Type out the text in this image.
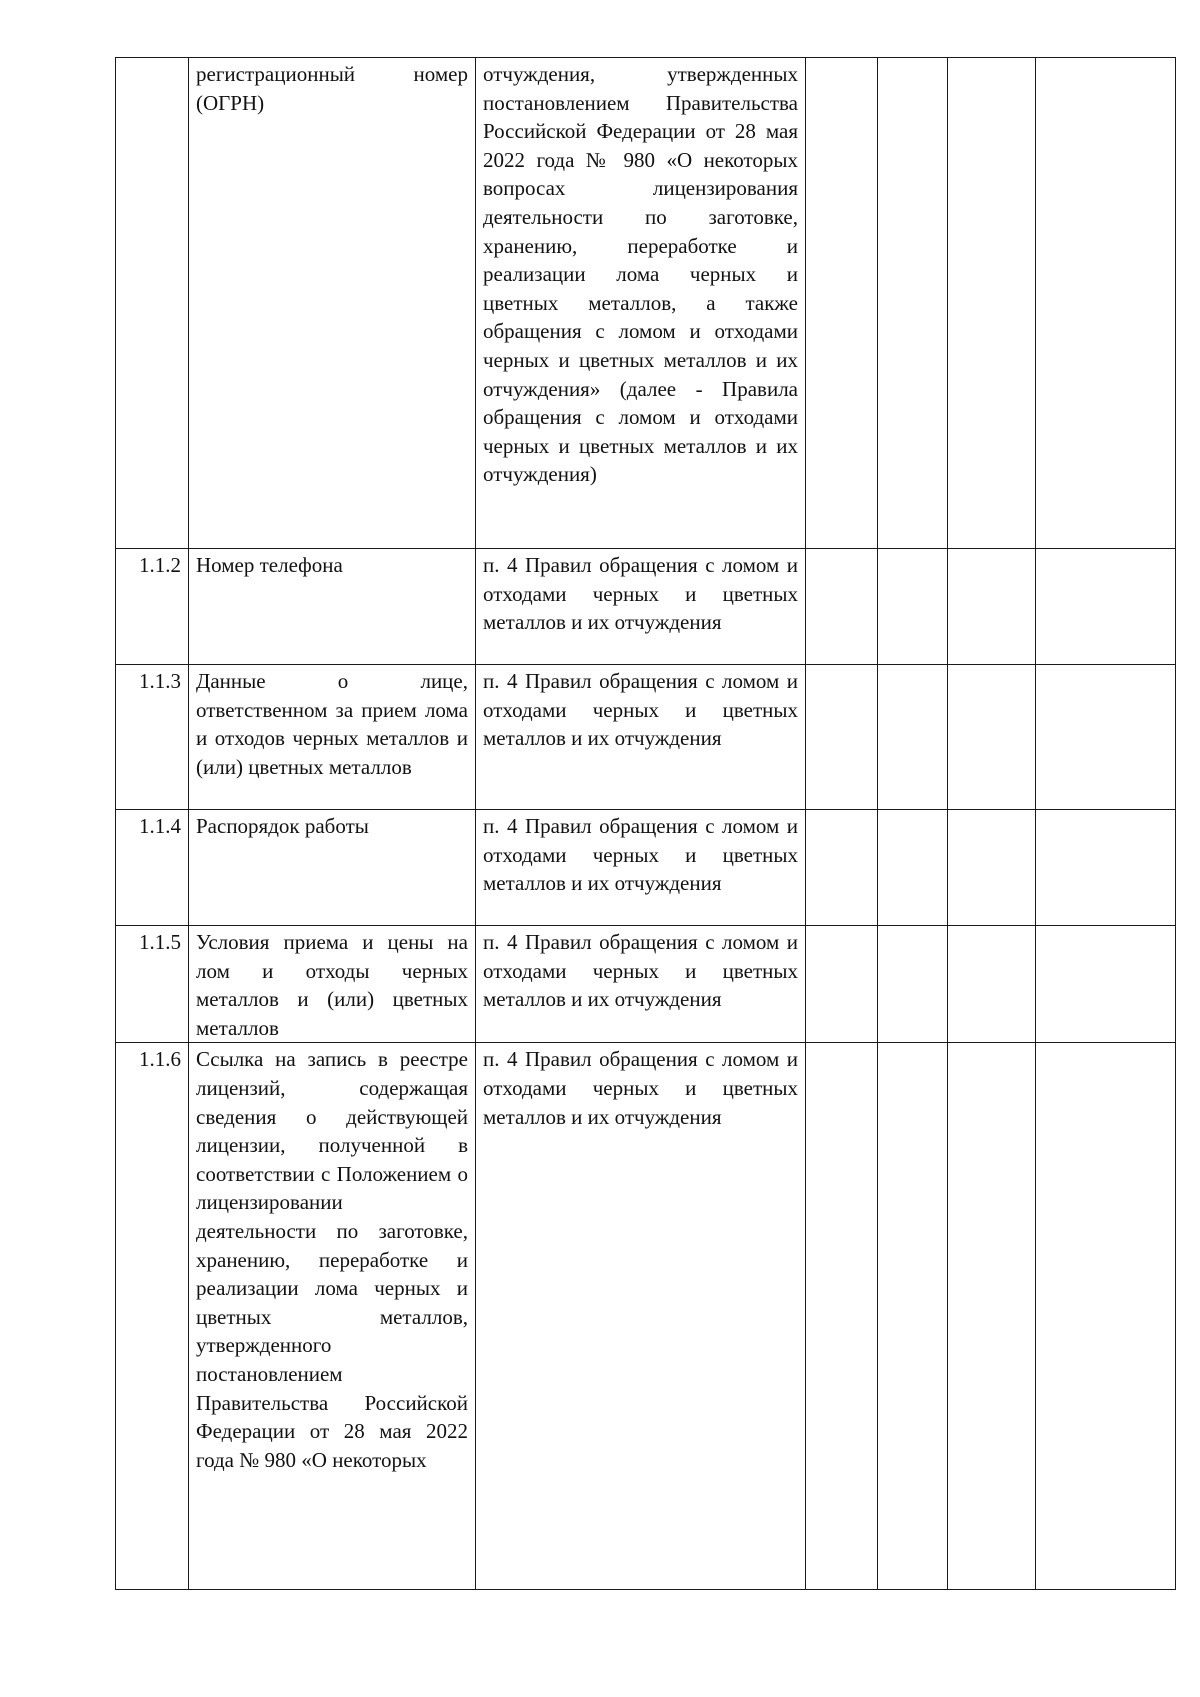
	регистрационный номер (ОГРН)	отчуждения, утвержденных постановлением Правительства Российской Федерации от 28 мая 2022 года № 980 «О некоторых вопросах лицензирования деятельности по заготовке, хранению, переработке и реализации лома черных и цветных металлов, а также обращения с ломом и отходами черных и цветных металлов и их отчуждения» (далее - Правила обращения с ломом и отходами черных и цветных металлов и их отчуждения)				
1.1.2	Номер телефона	п. 4 Правил обращения с ломом и отходами черных и цветных металлов и их отчуждения				
1.1.3	Данные о лице, ответственном за прием лома и отходов черных металлов и (или) цветных металлов	п. 4 Правил обращения с ломом и отходами черных и цветных металлов и их отчуждения				
1.1.4	Распорядок работы	п. 4 Правил обращения с ломом и отходами черных и цветных металлов и их отчуждения				
1.1.5	Условия приема и цены на лом и отходы черных металлов и (или) цветных металлов	п. 4 Правил обращения с ломом и отходами черных и цветных металлов и их отчуждения				
1.1.6	Ссылка на запись в реестре лицензий, содержащая сведения о действующей лицензии, полученной в соответствии с Положением о лицензировании деятельности по заготовке, хранению, переработке и реализации лома черных и цветных металлов, утвержденного постановлением Правительства Российской Федерации от 28 мая 2022 года № 980 «О некоторых	п. 4 Правил обращения с ломом и отходами черных и цветных металлов и их отчуждения				
